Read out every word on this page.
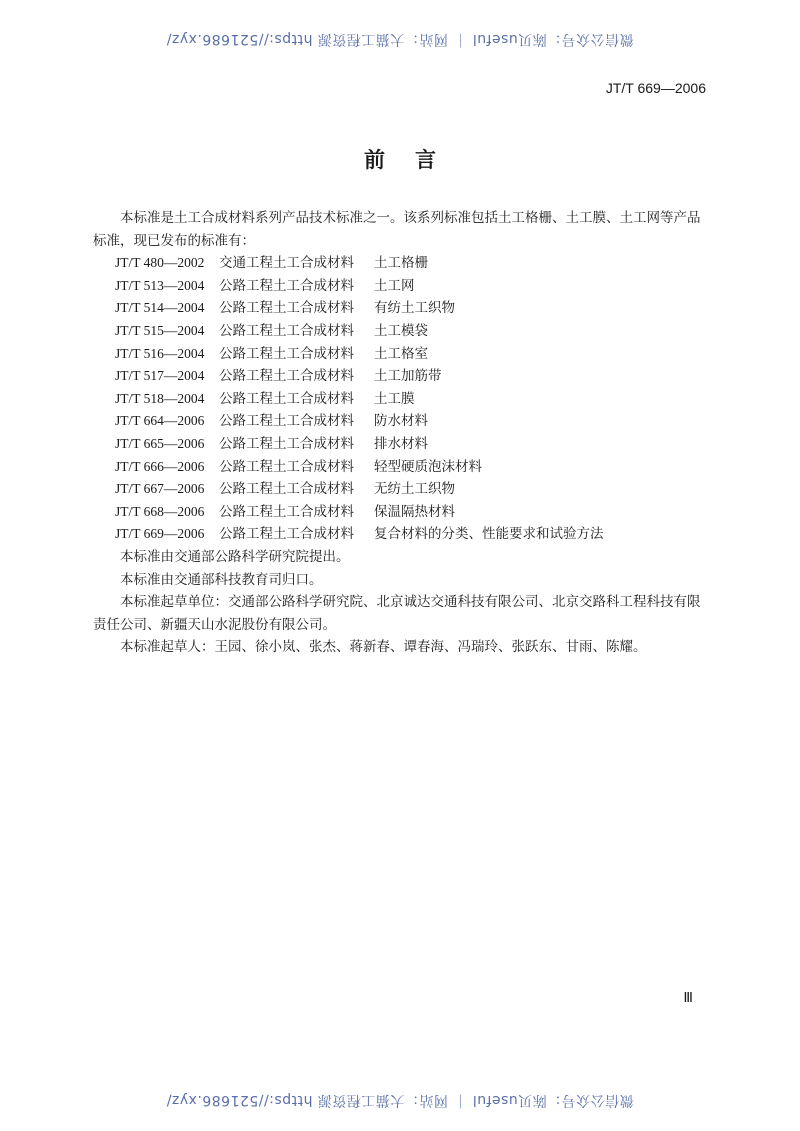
微信公众号：陈贝useful ｜ 网站：大猫工程资源 https://521686.xyz/
JT/T 669—2006
前言

本标准是土工合成材料系列产品技术标准之一。该系列标准包括土工格栅、土工膜、土工网等产品标准，现已发布的标准有：

JT/T 480—2002	交通工程土工合成材料	土工格栅
JT/T 513—2004	公路工程土工合成材料	土工网
JT/T 514—2004	公路工程土工合成材料	有纺土工织物
JT/T 515—2004	公路工程土工合成材料	土工模袋
JT/T 516—2004	公路工程土工合成材料	土工格室
JT/T 517—2004	公路工程土工合成材料	土工加筋带
JT/T 518—2004	公路工程土工合成材料	土工膜
JT/T 664—2006	公路工程土工合成材料	防水材料
JT/T 665—2006	公路工程土工合成材料	排水材料
JT/T 666—2006	公路工程土工合成材料	轻型硬质泡沫材料
JT/T 667—2006	公路工程土工合成材料	无纺土工织物
JT/T 668—2006	公路工程土工合成材料	保温隔热材料
JT/T 669—2006	公路工程土工合成材料	复合材料的分类、性能要求和试验方法

本标准由交通部公路科学研究院提出。

本标准由交通部科技教育司归口。

本标准起草单位：交通部公路科学研究院、北京诚达交通科技有限公司、北京交路科工程科技有限责任公司、新疆天山水泥股份有限公司。

本标准起草人：王园、徐小岚、张杰、蒋新春、谭春海、冯瑞玲、张跃东、甘雨、陈耀。

Ⅲ
微信公众号：陈贝useful ｜ 网站：大猫工程资源 https://521686.xyz/
